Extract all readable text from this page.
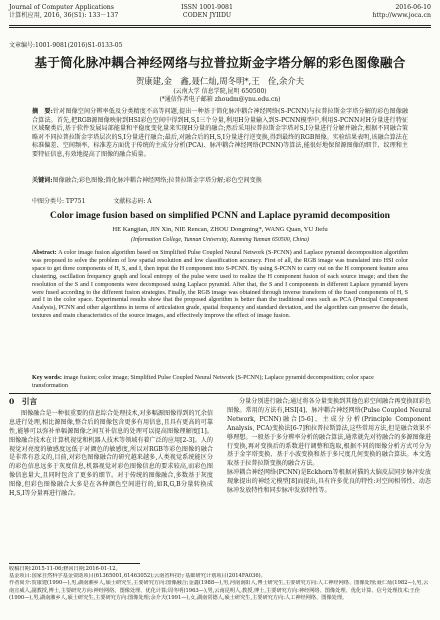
Journal of Computer Applications
计算机应用, 2016, 36(S1): 133－137
ISSN 1001-9081
CODEN JYIIDU
2016-06-10
http://www.joca.cn
文章编号:1001-9081(2016)S1-0133-05
基于简化脉冲耦合神经网络与拉普拉斯金字塔分解的彩色图像融合
贺康建,金　鑫,聂仁灿,周冬明*,王　佺,余介夫
(云南大学 信息学院,昆明 650500)
(*通信作者电子邮箱 zhoudm@ynu.edu.cn)
摘　要:针对图像空间分辨率低及分类精度不高等问题,提出一种基于简化脉冲耦合神经网络(S-PCNN)与拉普拉斯金字塔分解的彩色图像融合算法。首先,把RGB源图像映射到HSI彩色空间中得到H,S,I三个分量,利用H分量输入到S-PCNN模型中,利用S-PCNN对H分量进行特征区域聚类后,基于软件发展局部能量和平稳度变化量来实现H分量的融合;然后采用拉普拉斯金字塔对S,I分量进行分解并融合,根据不同融合策略对不同拉普拉斯金字塔层次的S,I分量进行融合;最后,对融合后的H,S,I分量进行逆变换,得到最终的RGB图像。实验结果表明,该融合算法在标准偏差、空间频率、标准差方面优于传统的主成分分析(PCA)、脉冲耦合神经网络(PCNN)等算法,能很好地保留源图像的细节、纹理和主要特征信息,有效地提高了图像的融合质量。
关键词:图像融合;彩色图像;简化脉冲耦合神经网络;拉普拉斯金字塔分解;彩色空间变换
中图分类号: TP751	文献标志码: A
Color image fusion based on simplified PCNN and Laplace pyramid decomposition
HE Kangjian, JIN Xin, NIE Rencan, ZHOU Dongming*, WANG Quan, YU Jiefu
(Information College, Yunnan University, Kunming Yunnan 650500, China)
Abstract: A color image fusion algorithm based on Simplified Pulse Coupled Neural Network (S-PCNN) and Laplace pyramid decomposition algorithm was proposed to solve the problem of low spatial resolution and low classification accuracy. First of all, the RGB image was translated into HSI color space to get three components of H, S, and I, then input the H component into S-PCNN. By using S-PCNN to carry out on the H component feature area clustering, oscillation frequency graph and local entropy of the pulse were used to realize the H component fusion of each source image; and then the resolution of the S and I components were decomposed using Laplace pyramid. After that, the S and I components in different Laplace pyramid layers were fused according to the different fusion strategies. Finally, the RGB image was obtained through inverse transform of the fused components of H, S and I in the color space. Experimental results show that the proposed algorithm is better than the traditional ones such as PCA (Principal Component Analysis), PCNN and other algorithms in terms of articulation grade, spatial frequency and standard deviation, and the algorithm can preserve the details, textures and main characteristics of the source images, and effectively improve the effect of image fusion.
Key words: image fusion; color image; Simplified Pulse Coupled Neural Network (S-PCNN); Laplace pyramid decomposition; color space transformation
0　引言

图像融合是一种很重要的信息综合处理技术,对多幅源图像得到的冗余信息进行处理,相比源图像,整合后的图像包含更多有用信息,且具有更高的可靠性,能够可以弥补单幅源图像之间互补信息的处理可以提高图像理解度[1]。图像融合技术在计算机视觉和机器人技术等领域有着广泛的应用[2-3]。人的视觉对亮度的敏感度远低于对颜色的敏感度,所以对RGB等彩色图像的融合是非常有意义的,目前,对彩色图像融合的研究越来越多,人类视觉系统能区分的彩色信息远多于灰度信息,机器视觉对彩色图像信息的要求较高,而彩色图像信息量大,且同时包含了更多的细节。对于传统的图像融合,多数基于灰度图像,但彩色图像融合大多是在各种颜色空间进行的,如R,G,B分量转换成H,S,I等分量再进行融合。

分量分别进行融合;通过将各分量变换到其他色彩空间融合再变换回彩色图像。常用的方法有,HSI[4]、脉冲耦合神经网络(Pulse Coupled Neural Network, PCNN)融合[5-6]、主成分分析(Principle Component Analysis, PCA)变换法[6-7]和拉普拉斯算法,这些常用方法,但是融合效果不够理想。一般基于多分辨率分析的融合算法,通常就先对待融合的多源图像进行变换,再对变换后的系数进行调整和选取,根据不同的图像分析方式可分为基于金字塔变换、基于小波变换和基于多尺度几何变换的融合算法。本文选取基于拉普拉斯变换的融合方法。
脉冲耦合神经网络(PCNN)是Eckhorn等根据对猫的大脑皮层同步脉冲发放现象提出的神经元模型[8]而提出,具有许多优良的特性:对空间相邻性、动态脉冲发放特性和同步脉冲发放特性等。

收稿日期:2015-11-06;修回日期:2016-01-12。

基金项目:国家自然科学基金资助项目(61365001,61463052);云南省科技厅基础研究计划项目(2014FA036)。

作者简介:贺康建(1990—),男,湖南湘乡人,硕士研究生,主要研究方向:图像融合;金鑫(1988—),男,河南南阳人,博士研究生,主要研究方向:人工神经网络、图像处理;聂仁灿(1982—),男,云南宣威人,副教授,博士,主要研究方向:神经网络、图像处理、优化计算;周冬明(1963—),男,云南昆明人,教授,博士,主要研究方向:神经网络、图像处理、优化计算、信号处理技术;王佺(1990—),男,湖南湘乡人,硕士研究生,主要研究方向:图像处理;余介夫(1991—),女,湖南常德人,硕士研究生,主要研究方向:人工神经网络、图像处理。
